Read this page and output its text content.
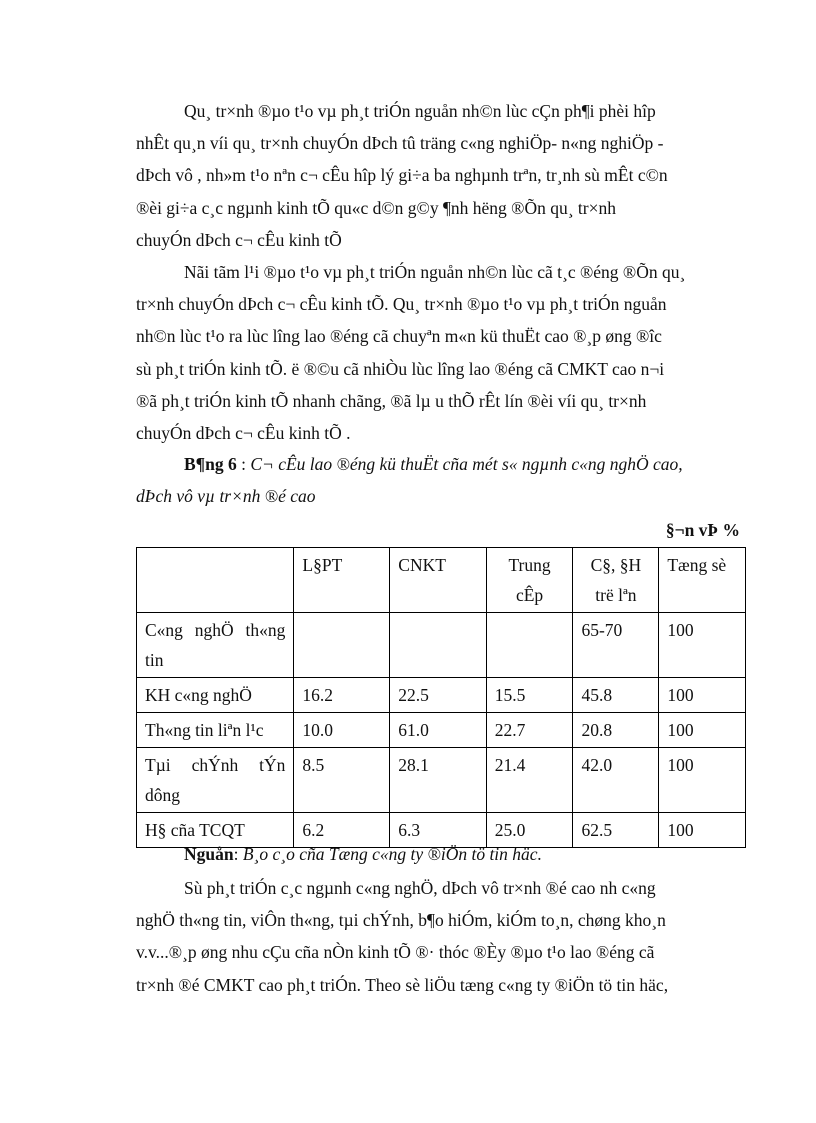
Qu¸ tr×nh ®µo t¹o vµ ph¸t triÓn nguån nh©n lùc cÇn ph¶i phèi hîp
nhÊt qu¸n víi qu¸ tr×nh chuyÓn dÞch tû träng c«ng nghiÖp- n«ng nghiÖp -
dÞch vô , nh»m t¹o nªn c¬ cÊu hîp lý gi÷a ba nghµnh trªn, tr¸nh sù mÊt c©n
®èi gi÷a c¸c ngµnh kinh tÕ qu«c d©n g©y ¶nh hëng ®Õn qu¸ tr×nh
chuyÓn dÞch c¬ cÊu kinh tÕ

Nãi tãm l¹i ®µo t¹o vµ ph¸t triÓn nguån nh©n lùc cã t¸c ®éng ®Õn qu¸
tr×nh chuyÓn dÞch c¬ cÊu kinh tÕ. Qu¸ tr×nh ®µo t¹o vµ ph¸t triÓn nguån
nh©n lùc t¹o ra lùc lîng lao ®éng cã chuyªn m«n kü thuËt cao ®¸p øng ®îc
sù ph¸t triÓn kinh tÕ. ë ®©u cã nhiÒu lùc lîng lao ®éng cã CMKT cao n¬i
®ã ph¸t triÓn kinh tÕ nhanh chãng, ®ã lµ u thÕ rÊt lín ®èi víi qu¸ tr×nh
chuyÓn dÞch c¬ cÊu kinh tÕ .

B¶ng 6 : C¬ cÊu lao ®éng kü thuËt cña mét s« ngµnh c«ng nghÖ cao,
dÞch vô vµ tr×nh ®é cao
§¬n vÞ %
	L§PT	CNKT	Trung
cÊp	C§, §H
trë lªn	Tæng sè
C«ng nghÖ th«ng
tin				65-70	100
KH c«ng nghÖ	16.2	22.5	15.5	45.8	100
Th«ng tin liªn l¹c	10.0	61.0	22.7	20.8	100
Tµi chÝnh tÝn
dông	8.5	28.1	21.4	42.0	100
H§ cña TCQT	6.2	6.3	25.0	62.5	100
Nguån: B¸o c¸o cña Tæng c«ng ty ®iÖn tö tin häc.

Sù ph¸t triÓn c¸c ngµnh c«ng nghÖ, dÞch vô tr×nh ®é cao nh c«ng
nghÖ th«ng tin, viÔn th«ng, tµi chÝnh, b¶o hiÓm, kiÓm to¸n, chøng kho¸n
v.v...®¸p øng nhu cÇu cña nÒn kinh tÕ ®· thóc ®Èy ®µo t¹o lao ®éng cã
tr×nh ®é CMKT cao ph¸t triÓn. Theo sè liÖu tæng c«ng ty ®iÖn tö tin häc,
